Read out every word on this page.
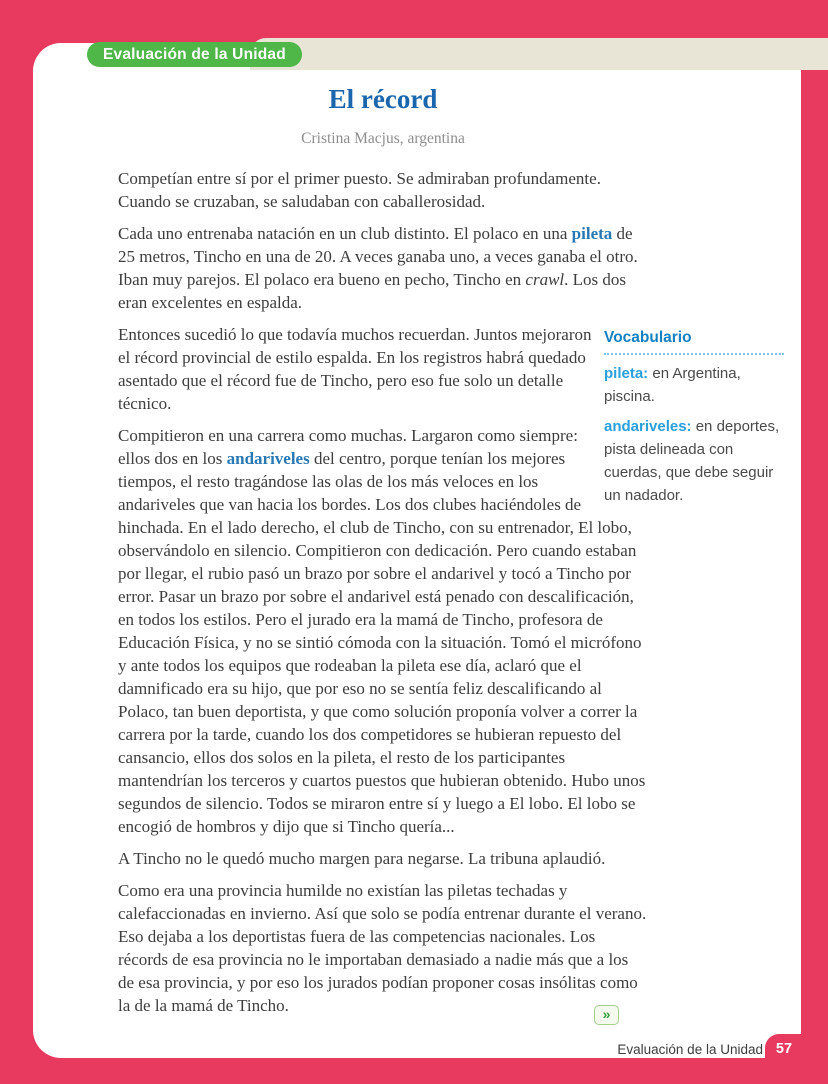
Evaluación de la Unidad
El récord
Cristina Macjus, argentina

Competían entre sí por el primer puesto. Se admiraban profundamente. Cuando se cruzaban, se saludaban con caballerosidad.

Cada uno entrenaba natación en un club distinto. El polaco en una pileta de 25 metros, Tincho en una de 20. A veces ganaba uno, a veces ganaba el otro. Iban muy parejos. El polaco era bueno en pecho, Tincho en crawl. Los dos eran excelentes en espalda.

Entonces sucedió lo que todavía muchos recuerdan. Juntos mejoraron el récord provincial de estilo espalda. En los registros habrá quedado asentado que el récord fue de Tincho, pero eso fue solo un detalle técnico.

Compitieron en una carrera como muchas. Largaron como siempre: ellos dos en los andariveles del centro, porque tenían los mejores tiempos, el resto tragándose las olas de los más veloces en los andariveles que van hacia los bordes. Los dos clubes haciéndoles de hinchada. En el lado derecho, el club de Tincho, con su entrenador, El lobo, observándolo en silencio. Compitieron con dedicación. Pero cuando estaban por llegar, el rubio pasó un brazo por sobre el andarivel y tocó a Tincho por error. Pasar un brazo por sobre el andarivel está penado con descalificación, en todos los estilos. Pero el jurado era la mamá de Tincho, profesora de Educación Física, y no se sintió cómoda con la situación. Tomó el micrófono y ante todos los equipos que rodeaban la pileta ese día, aclaró que el damnificado era su hijo, que por eso no se sentía feliz descalificando al Polaco, tan buen deportista, y que como solución proponía volver a correr la carrera por la tarde, cuando los dos competidores se hubieran repuesto del cansancio, ellos dos solos en la pileta, el resto de los participantes mantendrían los terceros y cuartos puestos que hubieran obtenido. Hubo unos segundos de silencio. Todos se miraron entre sí y luego a El lobo. El lobo se encogió de hombros y dijo que si Tincho quería...

A Tincho no le quedó mucho margen para negarse. La tribuna aplaudió.

Como era una provincia humilde no existían las piletas techadas y calefaccionadas en invierno. Así que solo se podía entrenar durante el verano. Eso dejaba a los deportistas fuera de las competencias nacionales. Los récords de esa provincia no le importaban demasiado a nadie más que a los de esa provincia, y por eso los jurados podían proponer cosas insólitas como la de la mamá de Tincho.

Vocabulario

pileta: en Argentina, piscina.

andariveles: en deportes, pista delineada con cuerdas, que debe seguir un nadador.

»
Evaluación de la Unidad 57
